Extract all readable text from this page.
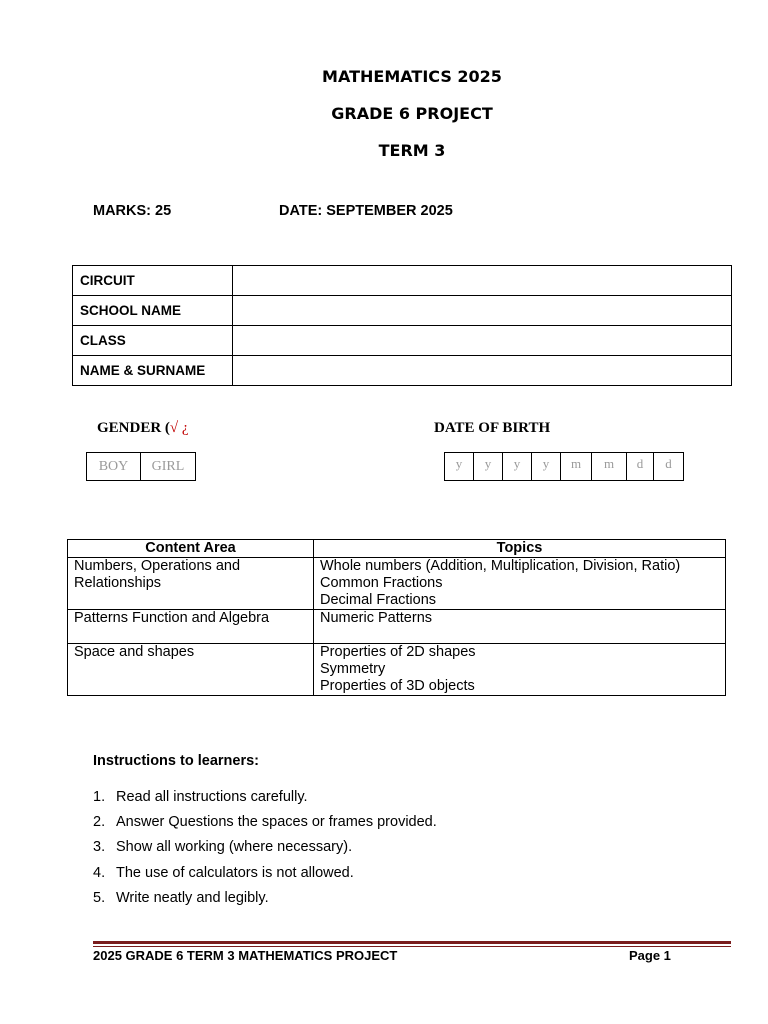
MATHEMATICS 2025
GRADE 6 PROJECT
TERM 3
MARKS: 25	DATE: SEPTEMBER 2025
CIRCUIT	
SCHOOL NAME	
CLASS	
NAME & SURNAME	
GENDER (√ ¿
BOY	GIRL
DATE OF BIRTH
y	y	y	y	m	m	d	d
Content Area	Topics
Numbers, Operations and Relationships	Whole numbers (Addition, Multiplication, Division, Ratio)
Common Fractions
Decimal Fractions

Patterns Function and Algebra	Numeric Patterns

Space and shapes	Properties of 2D shapes
Symmetry
Properties of 3D objects
Instructions to learners:
1. Read all instructions carefully.
2. Answer Questions the spaces or frames provided.
3. Show all working (where necessary).
4. The use of calculators is not allowed.
5. Write neatly and legibly.
2025 GRADE 6 TERM 3 MATHEMATICS PROJECT	Page 1
